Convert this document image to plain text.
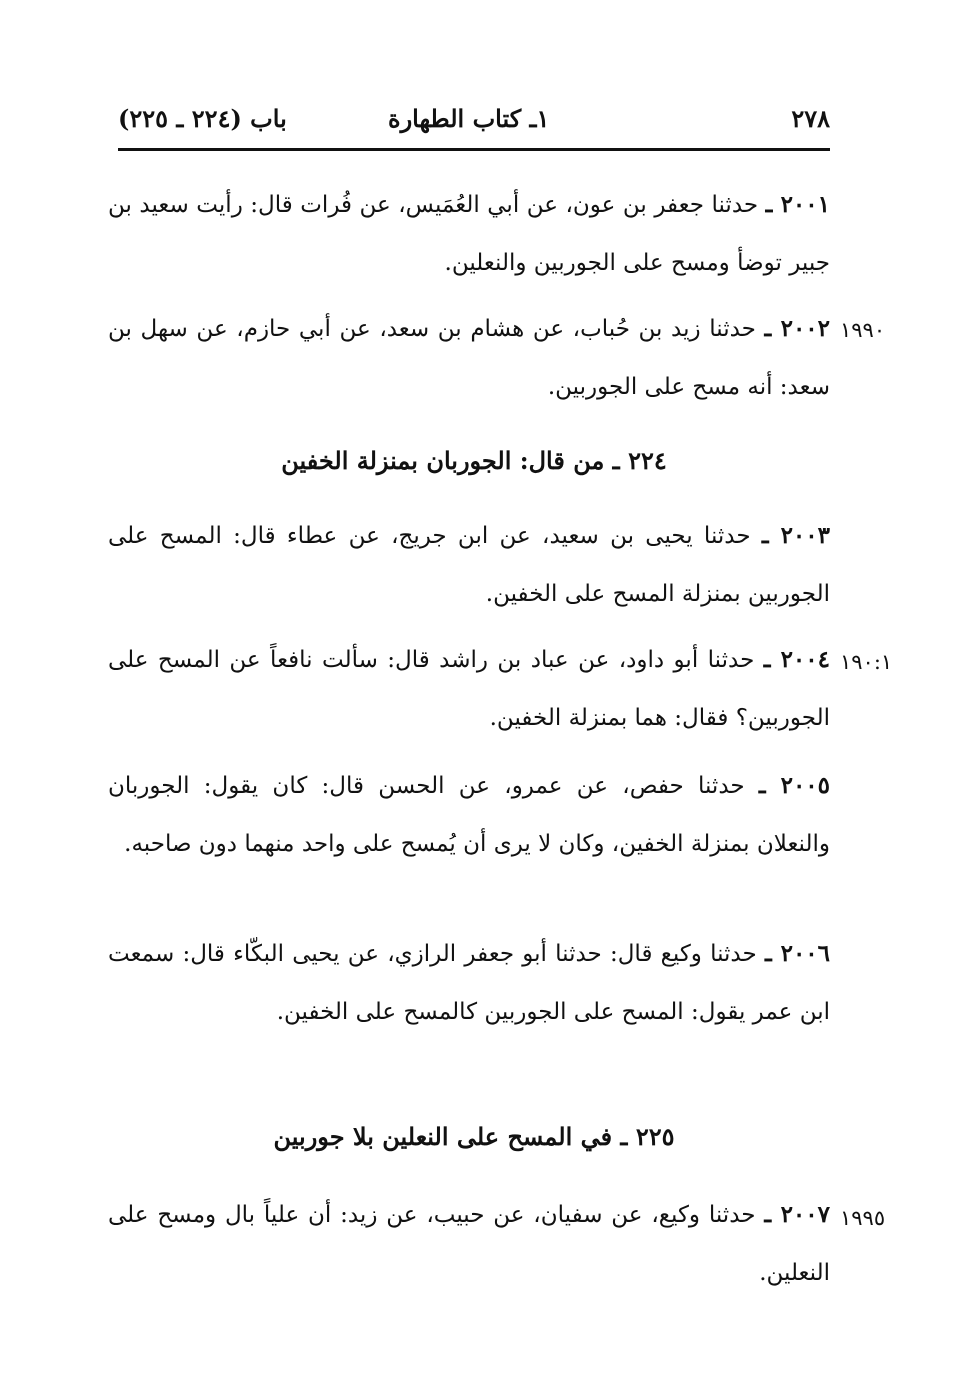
٢٧٨
١ـ كتاب الطهارة
باب (٢٢٤ ـ ٢٢٥)
٢٠٠١ ـ حدثنا جعفر بن عون، عن أبي العُمَيس، عن فُرات قال: رأيت سعيد بن جبير توضأ ومسح على الجوربين والنعلين.
١٩٩٠
٢٠٠٢ ـ حدثنا زيد بن حُباب، عن هشام بن سعد، عن أبي حازم، عن سهل بن سعد: أنه مسح على الجوربين.
٢٢٤ ـ من قال: الجوربان بمنزلة الخفين
٢٠٠٣ ـ حدثنا يحيى بن سعيد، عن ابن جريج، عن عطاء قال: المسح على الجوربين بمنزلة المسح على الخفين.
١٩٠:١
٢٠٠٤ ـ حدثنا أبو داود، عن عباد بن راشد قال: سألت نافعاً عن المسح على الجوربين؟ فقال: هما بمنزلة الخفين.
٢٠٠٥ ـ حدثنا حفص، عن عمرو، عن الحسن قال: كان يقول: الجوربان والنعلان بمنزلة الخفين، وكان لا يرى أن يُمسح على واحد منهما دون صاحبه.
٢٠٠٦ ـ حدثنا وكيع قال: حدثنا أبو جعفر الرازي، عن يحيى البكّاء قال: سمعت ابن عمر يقول: المسح على الجوربين كالمسح على الخفين.
٢٢٥ ـ في المسح على النعلين بلا جوربين
١٩٩٥
٢٠٠٧ ـ حدثنا وكيع، عن سفيان، عن حبيب، عن زيد: أن علياً بال ومسح على النعلين.
